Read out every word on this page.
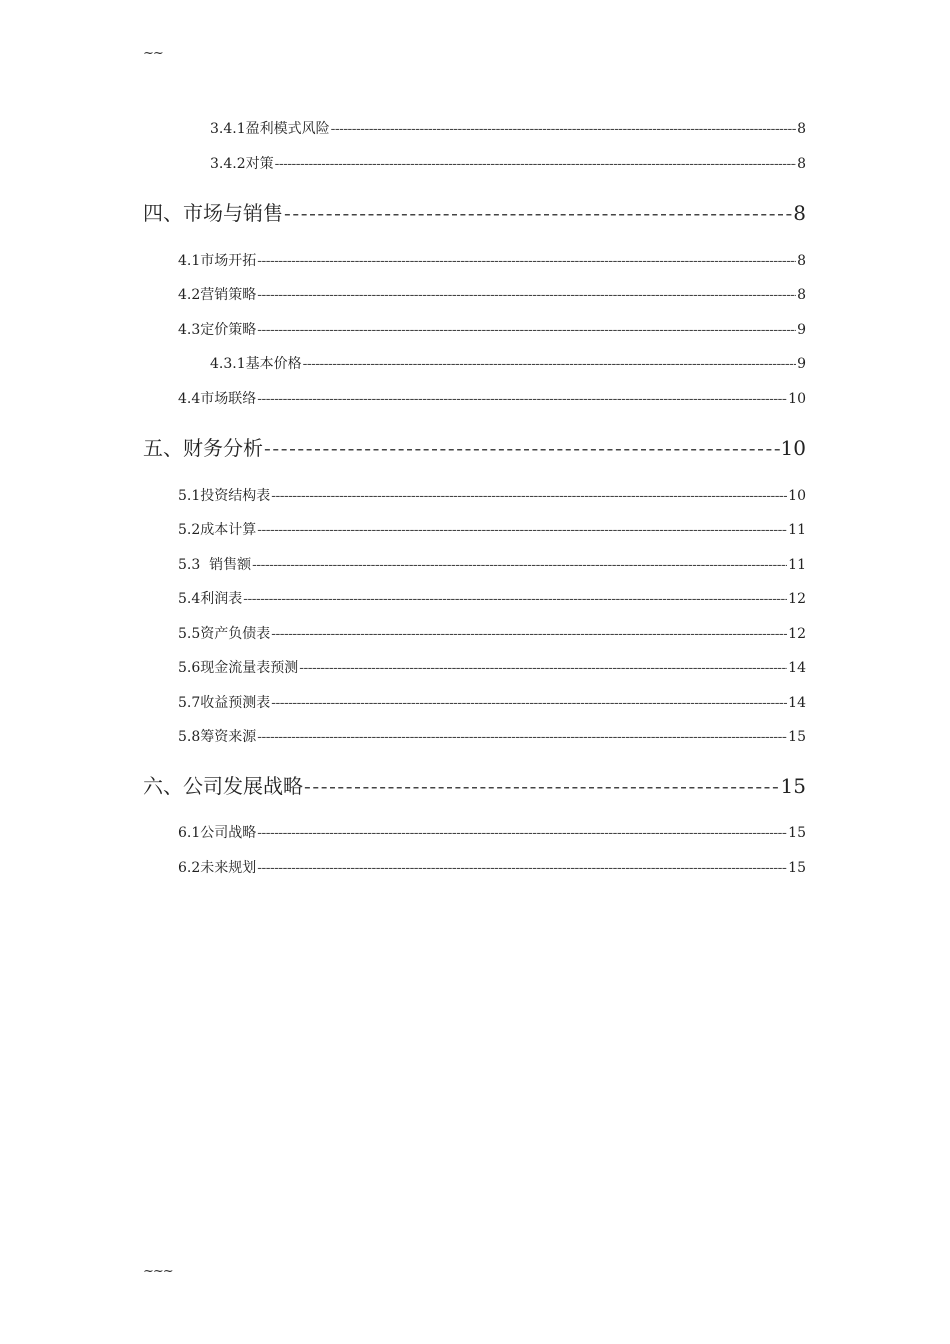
~~
3.4.1盈利模式风险 -----	8
3.4.2对策 -----	8
四、市场与销售 -----	8
4.1市场开拓 -----	8
4.2营销策略 -----	8
4.3定价策略 -----	9
4.3.1基本价格 -----	9
4.4市场联络 -----	10
五、财务分析 -----	10
5.1投资结构表 -----	10
5.2成本计算 -----	11
5.3  销售额 -----	11
5.4利润表 -----	12
5.5资产负债表 -----	12
5.6现金流量表预测 -----	14
5.7收益预测表 -----	14
5.8筹资来源 -----	15
六、公司发展战略 -----	15
6.1公司战略 -----	15
6.2未来规划 -----	15
~~~
